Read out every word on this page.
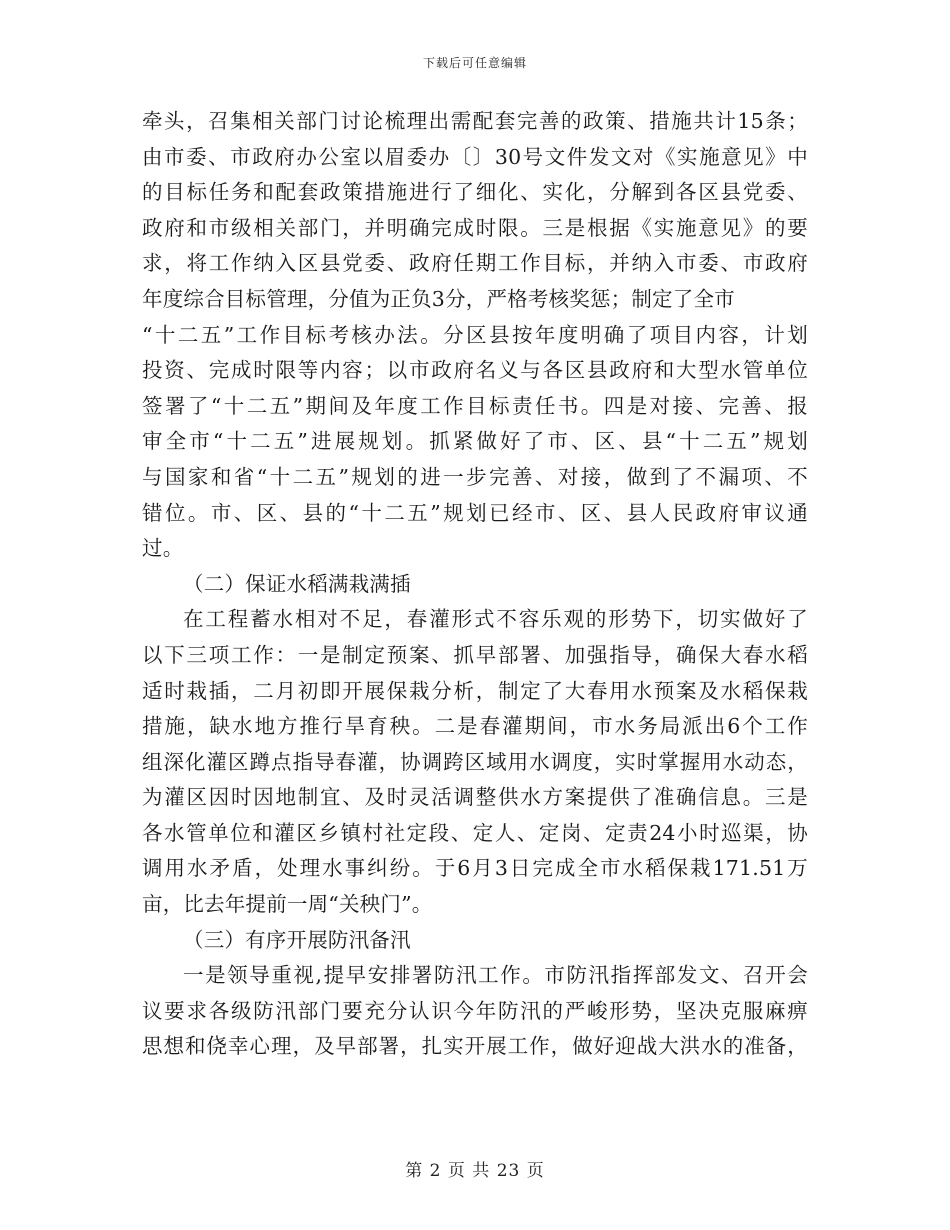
下载后可任意编辑
牵头，召集相关部门讨论梳理出需配套完善的政策、措施共计15条；
由市委、市政府办公室以眉委办〔〕30号文件发文对《实施意见》中
的目标任务和配套政策措施进行了细化、实化，分解到各区县党委、
政府和市级相关部门，并明确完成时限。三是根据《实施意见》的要
求，将工作纳入区县党委、政府任期工作目标，并纳入市委、市政府
年度综合目标管理，分值为正负3分，严格考核奖惩；制定了全市
“十二五”工作目标考核办法。分区县按年度明确了项目内容，计划
投资、完成时限等内容；以市政府名义与各区县政府和大型水管单位
签署了“十二五”期间及年度工作目标责任书。四是对接、完善、报
审全市“十二五”进展规划。抓紧做好了市、区、县“十二五”规划
与国家和省“十二五”规划的进一步完善、对接，做到了不漏项、不
错位。市、区、县的“十二五”规划已经市、区、县人民政府审议通
过。
（二）保证水稻满栽满插
在工程蓄水相对不足，春灌形式不容乐观的形势下，切实做好了
以下三项工作：一是制定预案、抓早部署、加强指导，确保大春水稻
适时栽插，二月初即开展保栽分析，制定了大春用水预案及水稻保栽
措施，缺水地方推行旱育秧。二是春灌期间，市水务局派出6个工作
组深化灌区蹲点指导春灌，协调跨区域用水调度，实时掌握用水动态，
为灌区因时因地制宜、及时灵活调整供水方案提供了准确信息。三是
各水管单位和灌区乡镇村社定段、定人、定岗、定责24小时巡渠，协
调用水矛盾，处理水事纠纷。于6月3日完成全市水稻保栽171.51万
亩，比去年提前一周“关秧门”。
（三）有序开展防汛备汛
一是领导重视,提早安排署防汛工作。市防汛指挥部发文、召开会
议要求各级防汛部门要充分认识今年防汛的严峻形势，坚决克服麻痹
思想和侥幸心理，及早部署，扎实开展工作，做好迎战大洪水的准备，
第 2 页 共 23 页
